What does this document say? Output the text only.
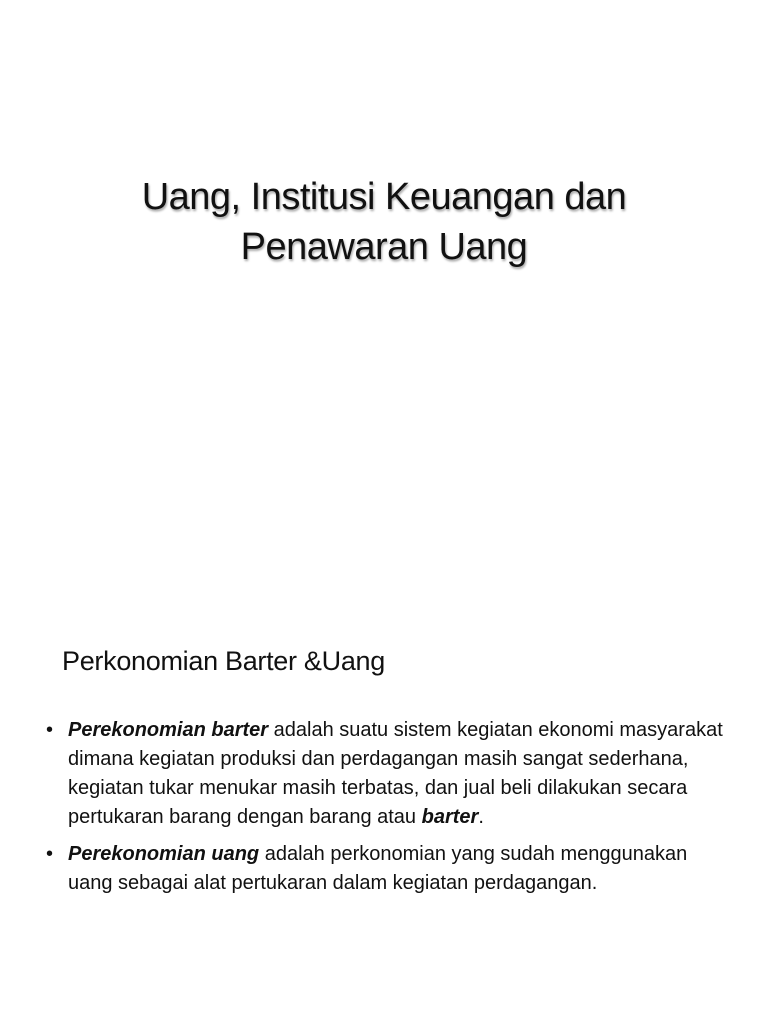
Uang, Institusi Keuangan dan
Penawaran Uang
Perkonomian Barter &Uang
• Perekonomian barter adalah suatu sistem kegiatan ekonomi masyarakat dimana kegiatan produksi dan perdagangan masih sangat sederhana, kegiatan tukar menukar masih terbatas, dan jual beli dilakukan secara pertukaran barang dengan barang atau barter.
• Perekonomian uang adalah perkonomian yang sudah menggunakan uang sebagai alat pertukaran dalam kegiatan perdagangan.
